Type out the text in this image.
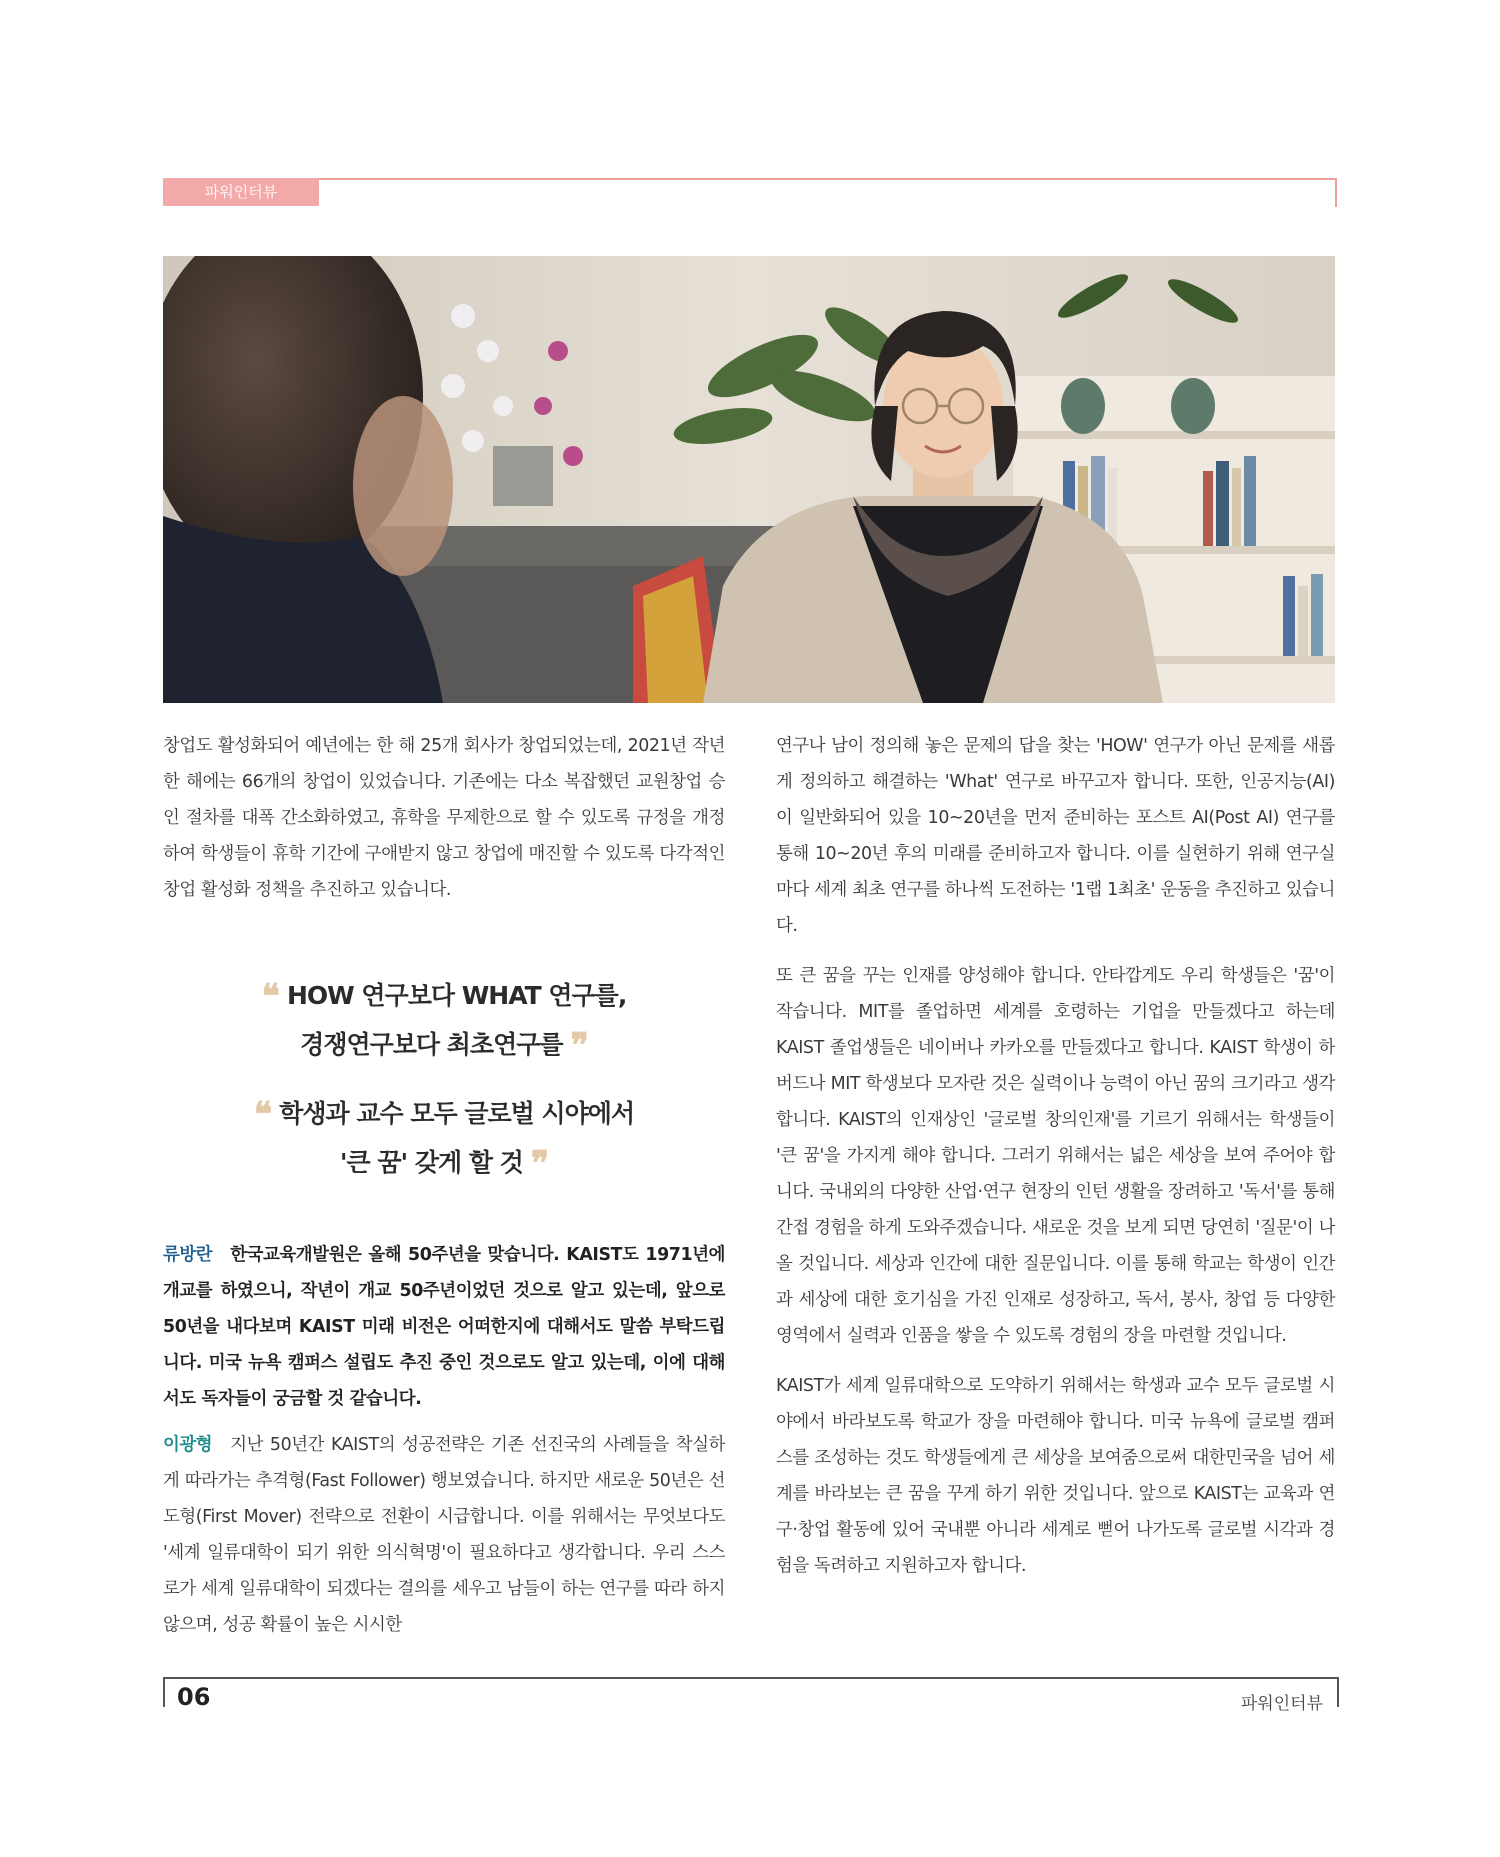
파워인터뷰

창업도 활성화되어 예년에는 한 해 25개 회사가 창업되었는데, 2021년 작년 한 해에는 66개의 창업이 있었습니다. 기존에는 다소 복잡했던 교원창업 승인 절차를 대폭 간소화하였고, 휴학을 무제한으로 할 수 있도록 규정을 개정하여 학생들이 휴학 기간에 구애받지 않고 창업에 매진할 수 있도록 다각적인 창업 활성화 정책을 추진하고 있습니다.

❝ HOW 연구보다 WHAT 연구를,
경쟁연구보다 최초연구를 ❞
❝ 학생과 교수 모두 글로벌 시야에서
'큰 꿈' 갖게 할 것 ❞

류방란 한국교육개발원은 올해 50주년을 맞습니다. KAIST도 1971년에 개교를 하였으니, 작년이 개교 50주년이었던 것으로 알고 있는데, 앞으로 50년을 내다보며 KAIST 미래 비전은 어떠한지에 대해서도 말씀 부탁드립니다. 미국 뉴욕 캠퍼스 설립도 추진 중인 것으로도 알고 있는데, 이에 대해서도 독자들이 궁금할 것 같습니다.

이광형 지난 50년간 KAIST의 성공전략은 기존 선진국의 사례들을 착실하게 따라가는 추격형(Fast Follower) 행보였습니다. 하지만 새로운 50년은 선도형(First Mover) 전략으로 전환이 시급합니다. 이를 위해서는 무엇보다도 '세계 일류대학이 되기 위한 의식혁명'이 필요하다고 생각합니다. 우리 스스로가 세계 일류대학이 되겠다는 결의를 세우고 남들이 하는 연구를 따라 하지 않으며, 성공 확률이 높은 시시한

연구나 남이 정의해 놓은 문제의 답을 찾는 'HOW' 연구가 아닌 문제를 새롭게 정의하고 해결하는 'What' 연구로 바꾸고자 합니다. 또한, 인공지능(AI)이 일반화되어 있을 10~20년을 먼저 준비하는 포스트 AI(Post AI) 연구를 통해 10~20년 후의 미래를 준비하고자 합니다. 이를 실현하기 위해 연구실마다 세계 최초 연구를 하나씩 도전하는 '1랩 1최초' 운동을 추진하고 있습니다.

또 큰 꿈을 꾸는 인재를 양성해야 합니다. 안타깝게도 우리 학생들은 '꿈'이 작습니다. MIT를 졸업하면 세계를 호령하는 기업을 만들겠다고 하는데 KAIST 졸업생들은 네이버나 카카오를 만들겠다고 합니다. KAIST 학생이 하버드나 MIT 학생보다 모자란 것은 실력이나 능력이 아닌 꿈의 크기라고 생각합니다. KAIST의 인재상인 '글로벌 창의인재'를 기르기 위해서는 학생들이 '큰 꿈'을 가지게 해야 합니다. 그러기 위해서는 넓은 세상을 보여 주어야 합니다. 국내외의 다양한 산업·연구 현장의 인턴 생활을 장려하고 '독서'를 통해 간접 경험을 하게 도와주겠습니다. 새로운 것을 보게 되면 당연히 '질문'이 나올 것입니다. 세상과 인간에 대한 질문입니다. 이를 통해 학교는 학생이 인간과 세상에 대한 호기심을 가진 인재로 성장하고, 독서, 봉사, 창업 등 다양한 영역에서 실력과 인품을 쌓을 수 있도록 경험의 장을 마련할 것입니다.

KAIST가 세계 일류대학으로 도약하기 위해서는 학생과 교수 모두 글로벌 시야에서 바라보도록 학교가 장을 마련해야 합니다. 미국 뉴욕에 글로벌 캠퍼스를 조성하는 것도 학생들에게 큰 세상을 보여줌으로써 대한민국을 넘어 세계를 바라보는 큰 꿈을 꾸게 하기 위한 것입니다. 앞으로 KAIST는 교육과 연구·창업 활동에 있어 국내뿐 아니라 세계로 뻗어 나가도록 글로벌 시각과 경험을 독려하고 지원하고자 합니다.

06	파워인터뷰
